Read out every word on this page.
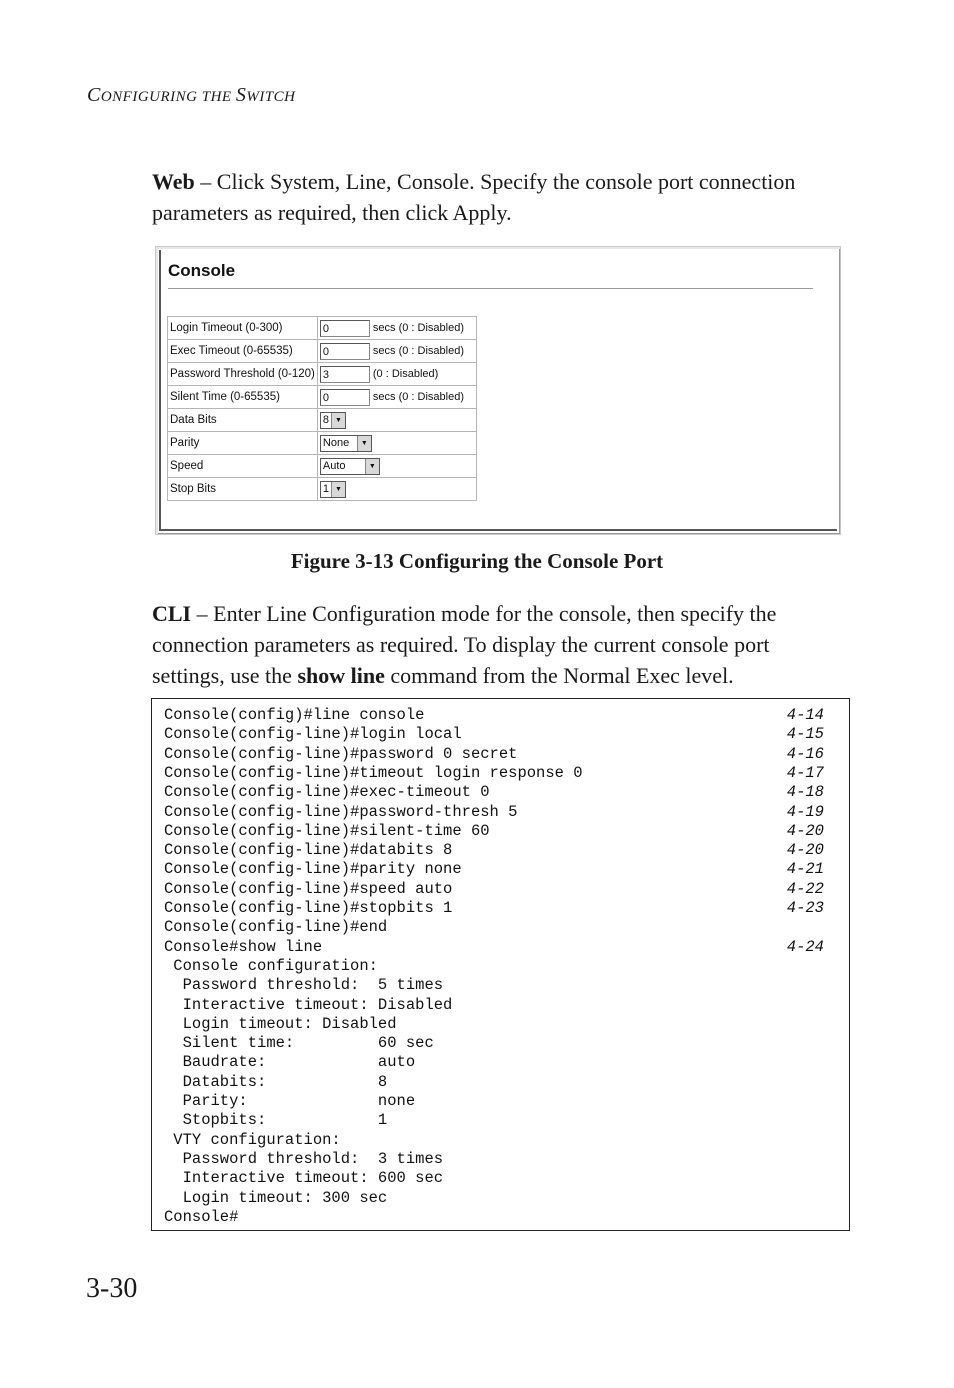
CONFIGURING THE SWITCH
Web – Click System, Line, Console. Specify the console port connection parameters as required, then click Apply.
Console
Login Timeout (0-300)	0 secs (0 : Disabled)
Exec Timeout (0-65535)	0 secs (0 : Disabled)
Password Threshold (0-120)	3 (0 : Disabled)
Silent Time (0-65535)	0 secs (0 : Disabled)
Data Bits	8 ▼

Parity	None ▼

Speed	Auto ▼

Stop Bits	1 ▼
Figure 3-13 Configuring the Console Port
CLI – Enter Line Configuration mode for the console, then specify the connection parameters as required. To display the current console port settings, use the show line command from the Normal Exec level.
Console(config)#line console	4-14
Console(config-line)#login local	4-15
Console(config-line)#password 0 secret	4-16
Console(config-line)#timeout login response 0	4-17
Console(config-line)#exec-timeout 0	4-18
Console(config-line)#password-thresh 5	4-19
Console(config-line)#silent-time 60	4-20
Console(config-line)#databits 8	4-20
Console(config-line)#parity none	4-21
Console(config-line)#speed auto	4-22
Console(config-line)#stopbits 1	4-23
Console(config-line)#end
Console#show line	4-24
Console configuration:
Password threshold:  5 times
Interactive timeout: Disabled
Login timeout: Disabled
Silent time:         60 sec
Baudrate:            auto
Databits:            8
Parity:              none
Stopbits:            1
VTY configuration:
Password threshold:  3 times
Interactive timeout: 600 sec
Login timeout: 300 sec
Console#
3-30
